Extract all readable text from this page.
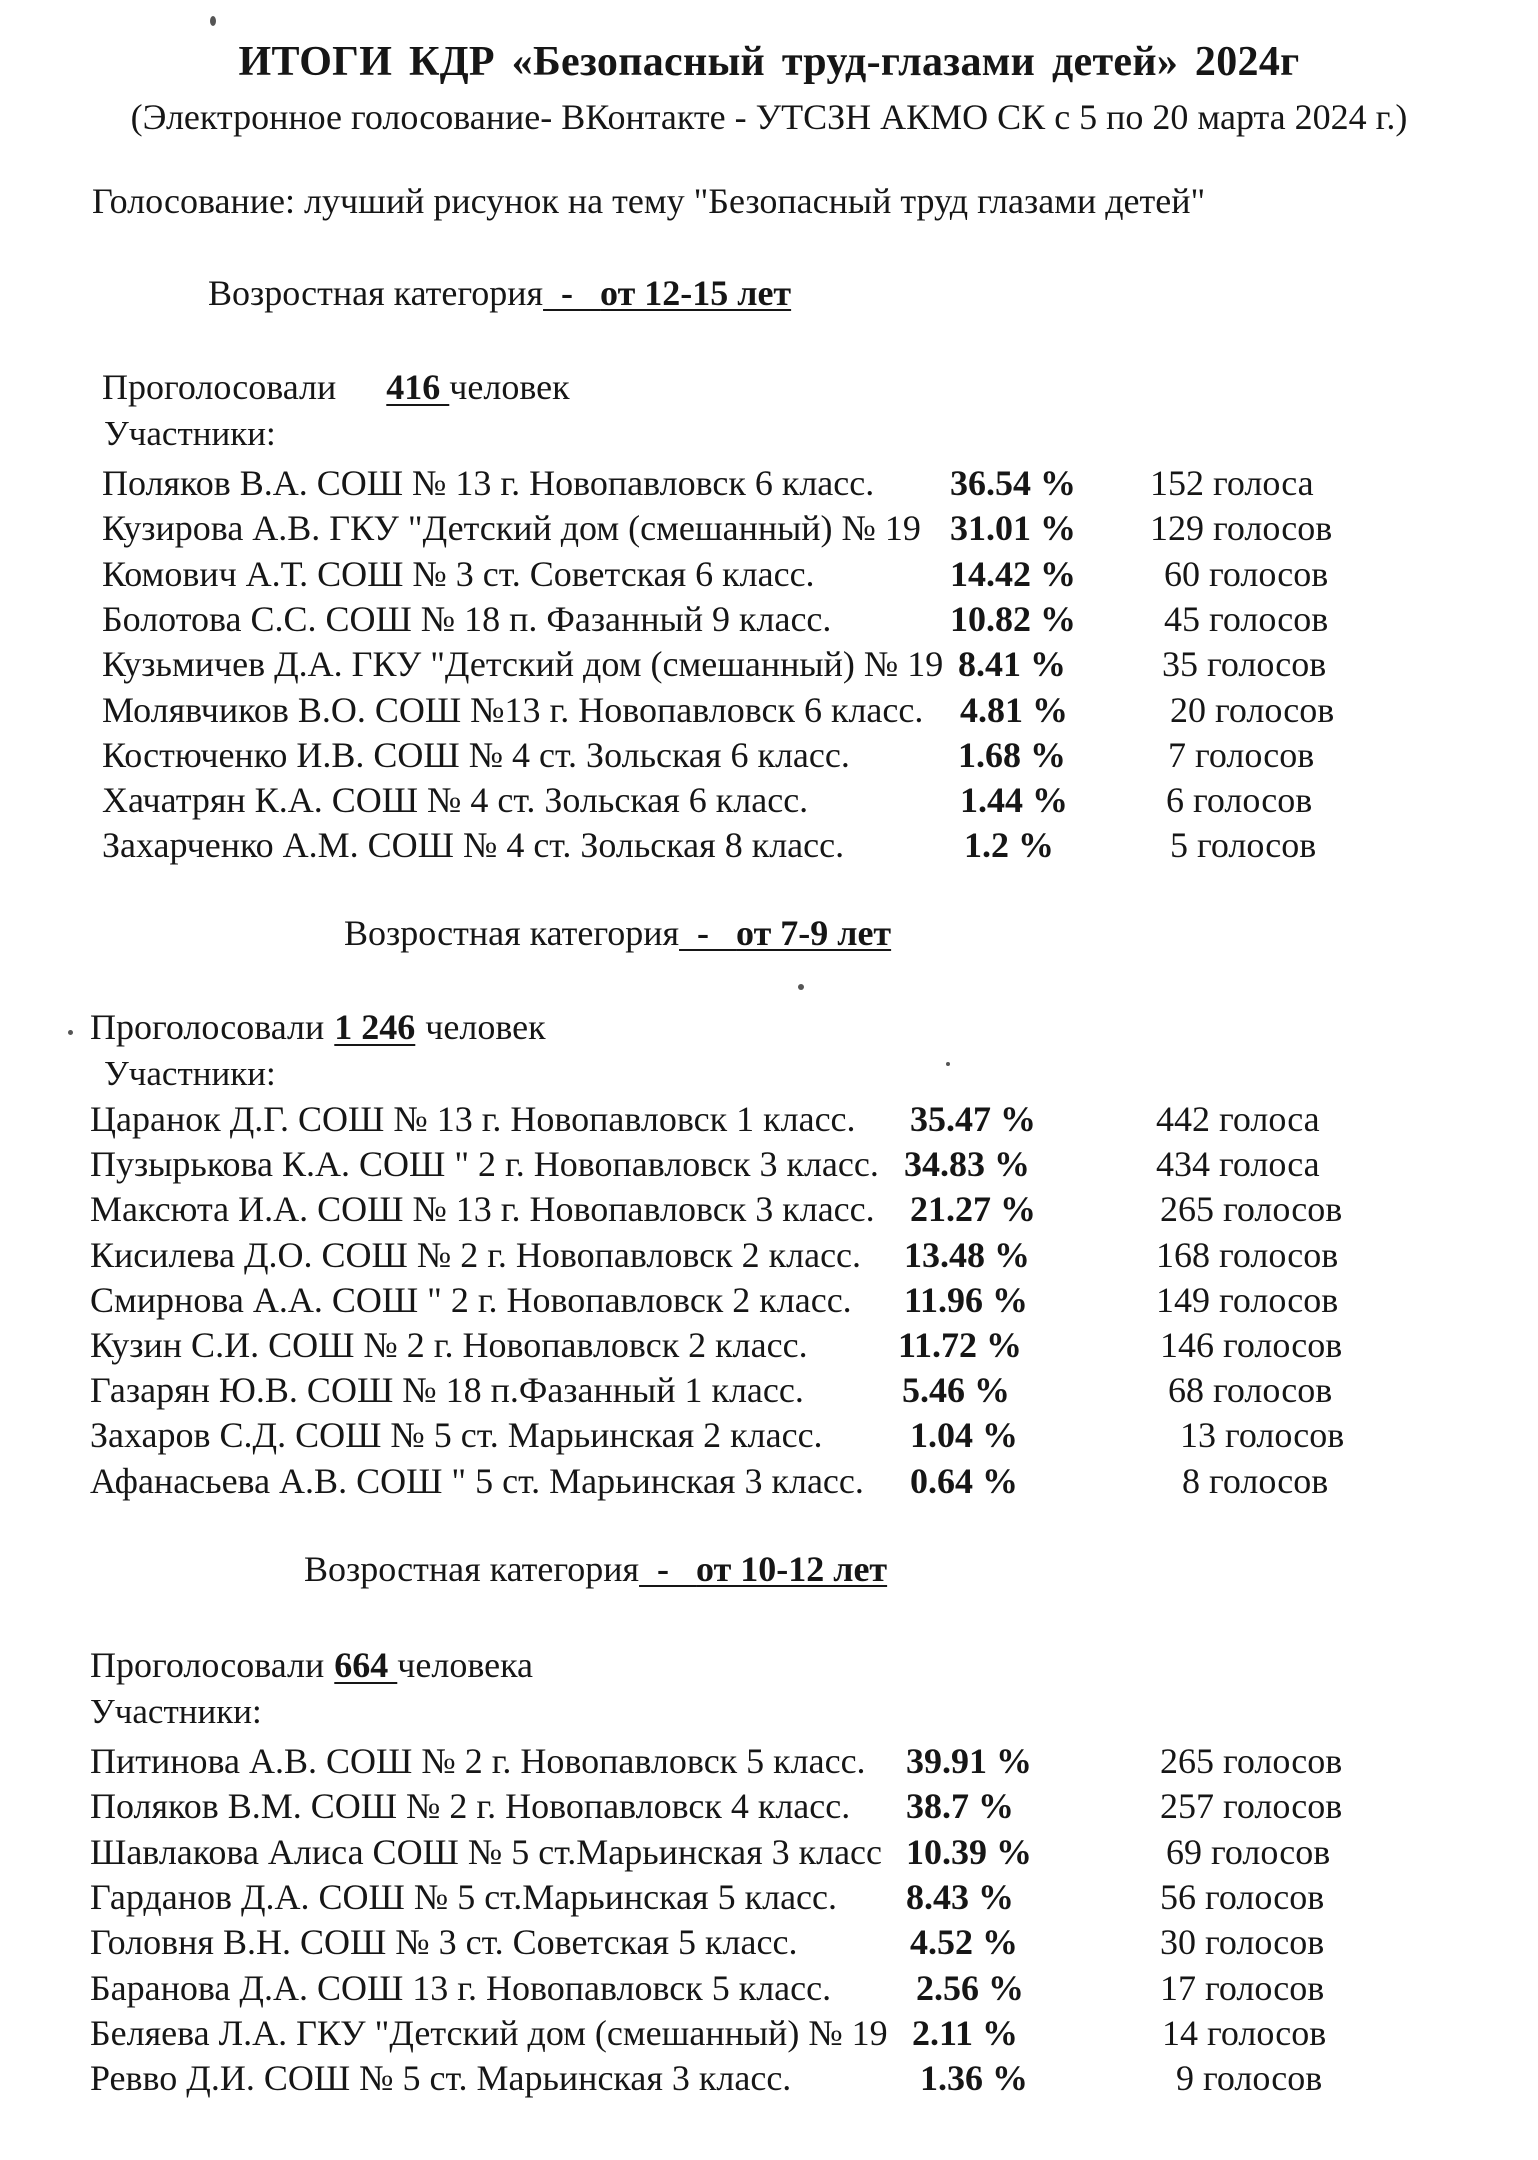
ИТОГИ КДР «Безопасный труд-глазами детей» 2024г
(Электронное голосование- ВКонтакте - УТСЗН АКМО СК с 5 по 20 марта 2024 г.)
Голосование: лучший рисунок на тему "Безопасный труд глазами детей"
Возростная категория  -   от 12-15 лет
Проголосовали 416 человек
Участники:
Поляков В.А. СОШ № 13 г. Новопавловск 6 класс. 36.54 % 152 голоса
Кузирова А.В. ГКУ "Детский дом (смешанный) № 19 31.01 % 129 голосов
Комович А.Т. СОШ № 3 ст. Советская 6 класс.	14.42 % 60 голосов
Болотова С.С. СОШ № 18 п. Фазанный 9 класс.	10.82 % 45 голосов
Кузьмичев Д.А. ГКУ "Детский дом (смешанный) № 19 8.41 %	35 голосов
Молявчиков В.О. СОШ №13 г. Новопавловск 6 класс. 4.81 %	20 голосов
Костюченко И.В. СОШ № 4 ст. Зольская 6 класс.	1.68 %	7 голосов
Хачатрян К.А. СОШ № 4 ст. Зольская 6 класс.	1.44 %	6 голосов
Захарченко А.М. СОШ № 4 ст. Зольская 8 класс.	1.2 %	5 голосов
Возростная категория  -   от 7-9 лет
Проголосовали 1 246 человек
Участники:
Царанок Д.Г. СОШ № 13 г. Новопавловск 1 класс. 35.47 %	442 голоса
Пузырькова К.А. СОШ " 2 г. Новопавловск 3 класс. 34.83 %	434 голоса
Максюта И.А. СОШ № 13 г. Новопавловск 3 класс. 21.27 %	265 голосов
Кисилева Д.О. СОШ № 2 г. Новопавловск 2 класс. 13.48 %	168 голосов
Смирнова А.А. СОШ " 2 г. Новопавловск 2 класс. 11.96 %	149 голосов
Кузин С.И. СОШ № 2 г. Новопавловск 2 класс.	11.72 %	146 голосов
Газарян Ю.В. СОШ № 18 п.Фазанный 1 класс.	5.46 %	68 голосов
Захаров С.Д. СОШ № 5 ст. Марьинская 2 класс. 1.04 %	13 голосов
Афанасьева А.В. СОШ " 5 ст. Марьинская 3 класс. 0.64 %	8 голосов
Возростная категория  -   от 10-12 лет
Проголосовали 664 человека
Участники:
Питинова А.В. СОШ № 2 г. Новопавловск 5 класс. 39.91 %	265 голосов
Поляков В.М. СОШ № 2 г. Новопавловск 4 класс. 38.7 %	257 голосов
Шавлакова Алиса СОШ № 5 ст.Марьинская 3 класс 10.39 %	69 голосов
Гарданов Д.А. СОШ № 5 ст.Марьинская 5 класс. 8.43 %	56 голосов
Головня В.Н. СОШ № 3 ст. Советская 5 класс.	4.52 %	30 голосов
Баранова Д.А. СОШ 13 г. Новопавловск 5 класс. 2.56 %	17 голосов
Беляева Л.А. ГКУ "Детский дом (смешанный) № 19 2.11 %	14 голосов
Ревво Д.И. СОШ № 5 ст. Марьинская 3 класс.	1.36 %	9 голосов
